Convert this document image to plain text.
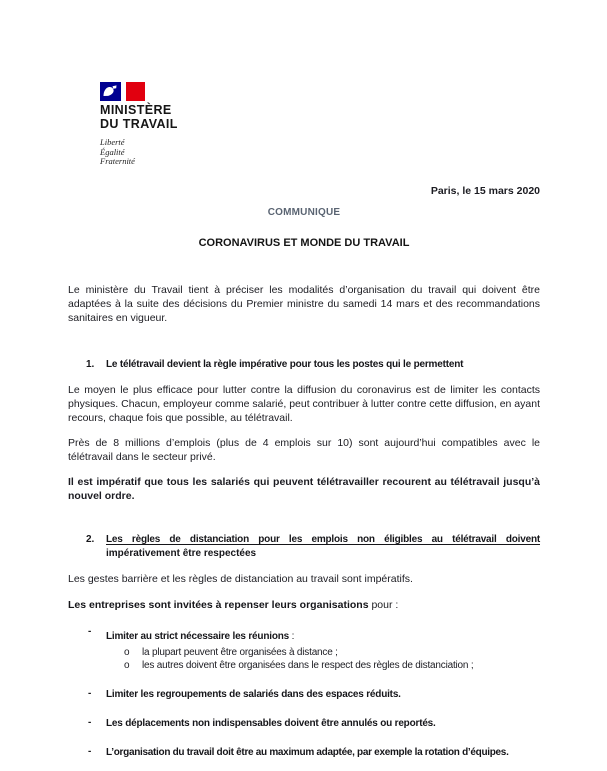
MINISTÈRE
DU TRAVAIL
Liberté
Égalité
Fraternité
Paris, le 15 mars 2020
COMMUNIQUE
CORONAVIRUS ET MONDE DU TRAVAIL

Le ministère du Travail tient à préciser les modalités d’organisation du travail qui doivent être adaptées à la suite des décisions du Premier ministre du samedi 14 mars et des recommandations sanitaires en vigueur.

1.	Le télétravail devient la règle impérative pour tous les postes qui le permettent

Le moyen le plus efficace pour lutter contre la diffusion du coronavirus est de limiter les contacts physiques. Chacun, employeur comme salarié, peut contribuer à lutter contre cette diffusion, en ayant recours, chaque fois que possible, au télétravail.

Près de 8 millions d’emplois (plus de 4 emplois sur 10) sont aujourd’hui compatibles avec le télétravail dans le secteur privé.

Il est impératif que tous les salariés qui peuvent télétravailler recourent au télétravail jusqu’à nouvel ordre.

2.	Les règles de distanciation pour les emplois non éligibles au télétravail doivent
impérativement être respectées

Les gestes barrière et les règles de distanciation au travail sont impératifs.

Les entreprises sont invitées à repenser leurs organisations pour :

-	Limiter au strict nécessaire les réunions :
o	la plupart peuvent être organisées à distance ;
o	les autres doivent être organisées dans le respect des règles de distanciation ;
-	Limiter les regroupements de salariés dans des espaces réduits.
-	Les déplacements non indispensables doivent être annulés ou reportés.
-	L’organisation du travail doit être au maximum adaptée, par exemple la rotation d’équipes.
